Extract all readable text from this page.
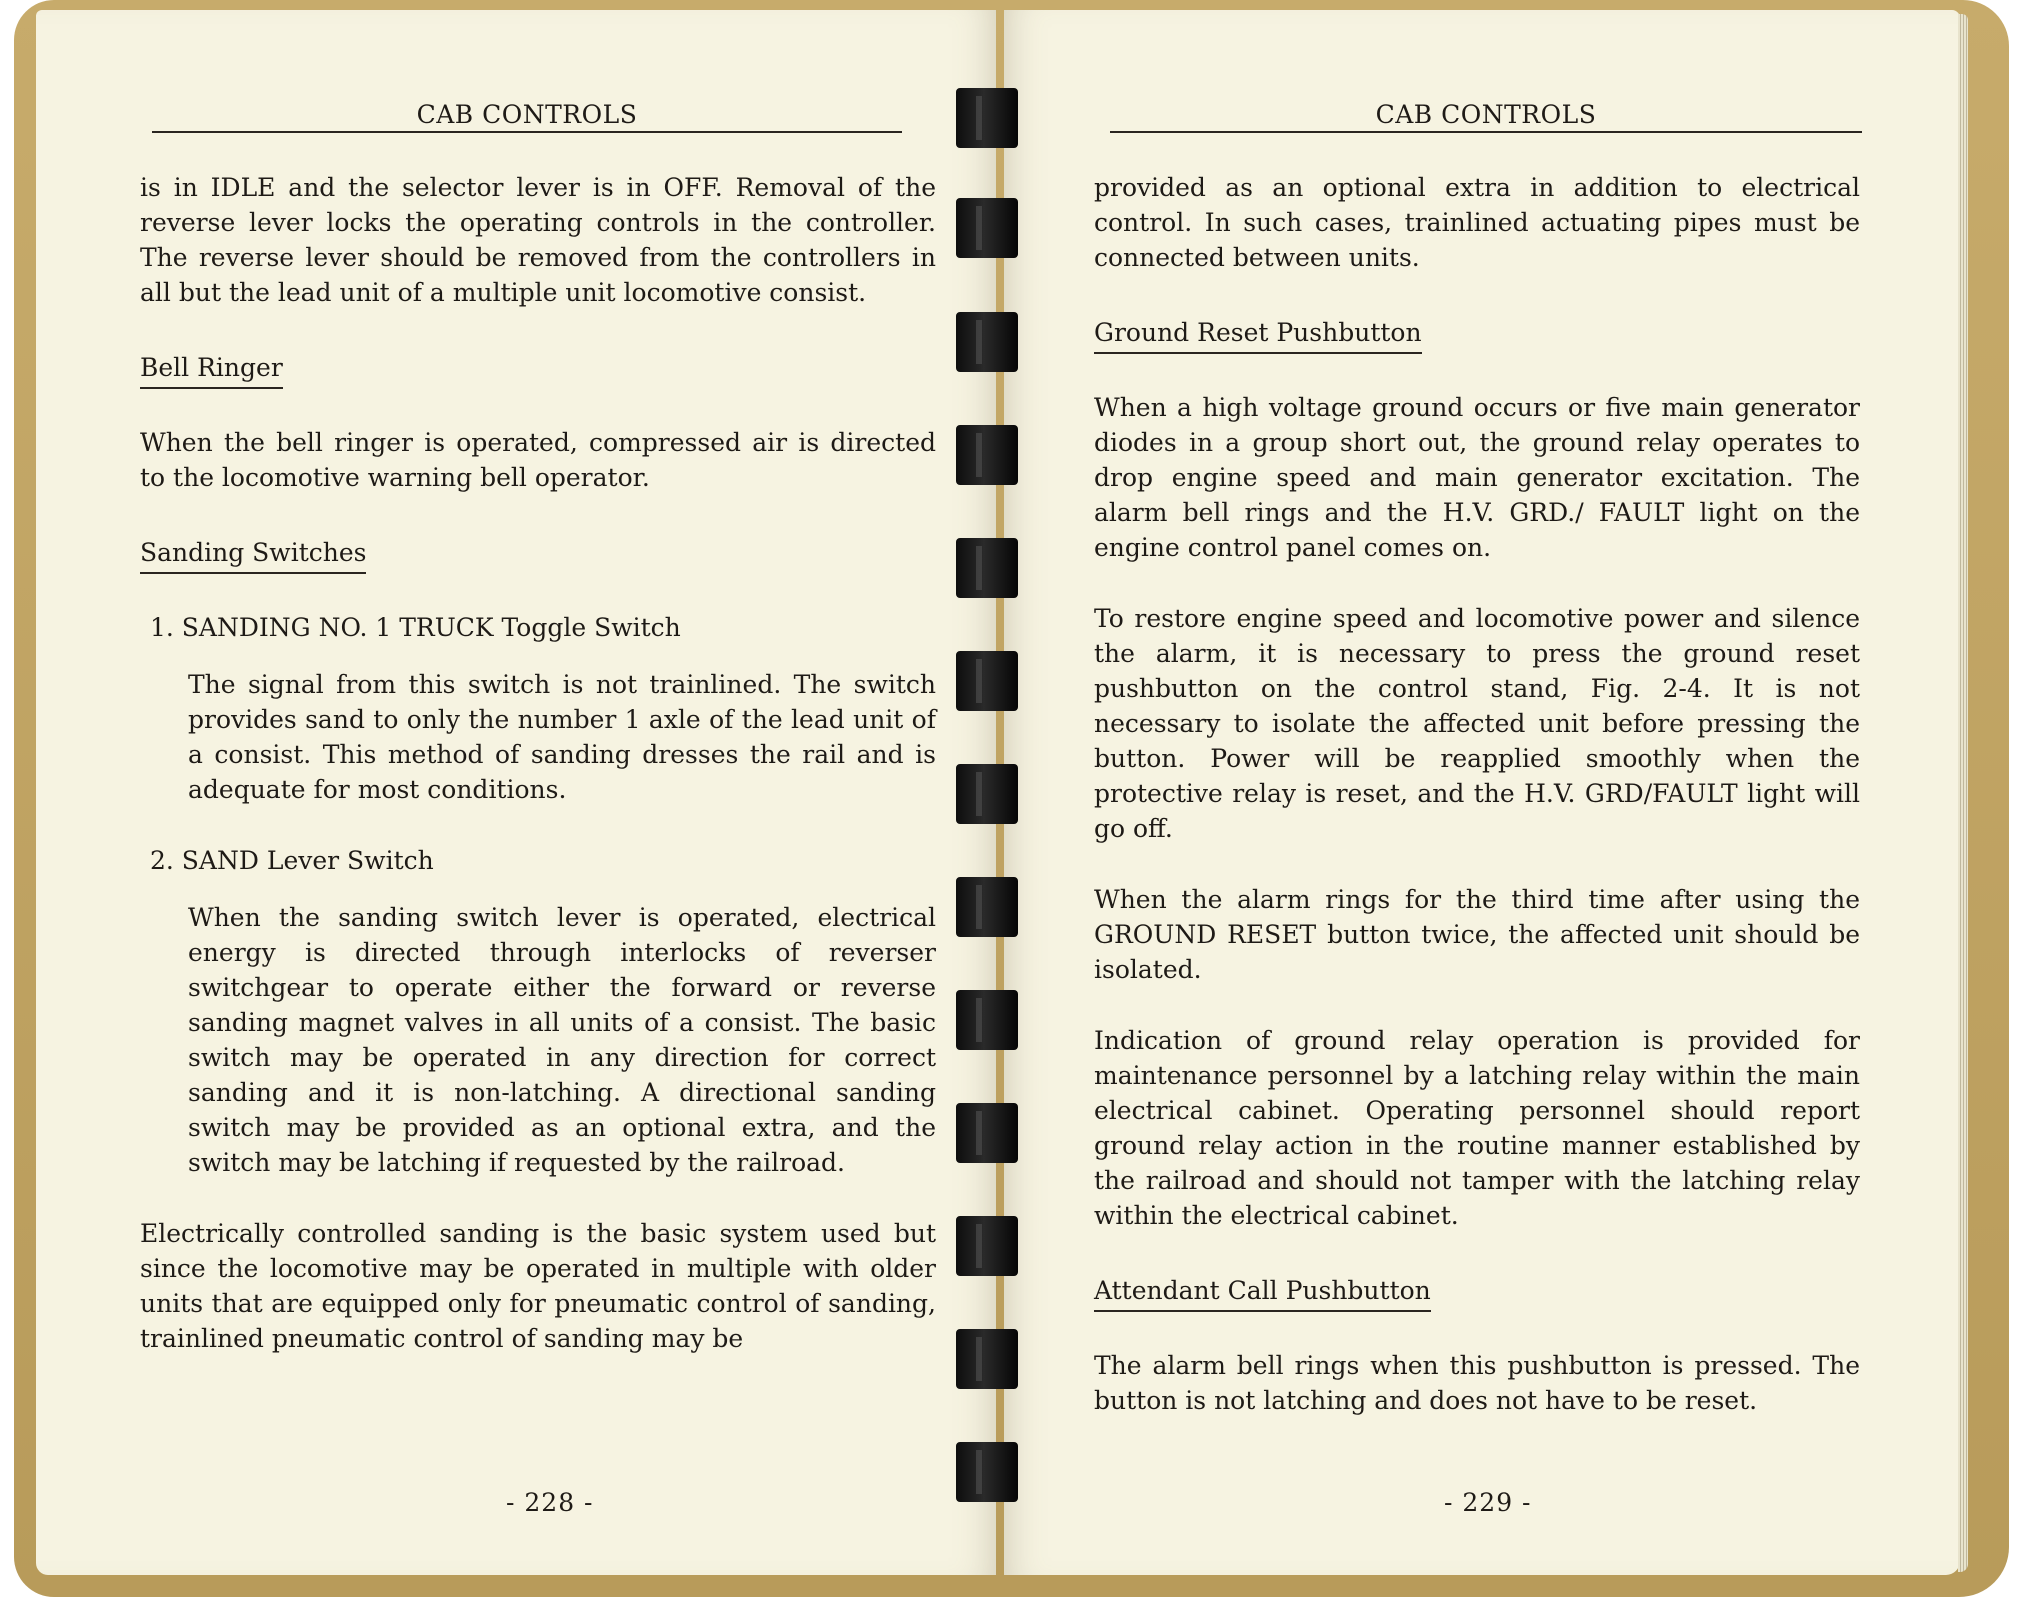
CAB CONTROLS

is in IDLE and the selector lever is in OFF. Removal of the reverse lever locks the operating controls in the controller. The reverse lever should be removed from the controllers in all but the lead unit of a multiple unit locomotive consist.

Bell Ringer

When the bell ringer is operated, compressed air is directed to the locomotive warning bell operator.

Sanding Switches
1. SANDING NO. 1 TRUCK Toggle Switch

The signal from this switch is not trainlined. The switch provides sand to only the number 1 axle of the lead unit of a consist. This method of sanding dresses the rail and is adequate for most conditions.

2. SAND Lever Switch

When the sanding switch lever is operated, electrical energy is directed through interlocks of reverser switchgear to operate either the forward or reverse sanding magnet valves in all units of a consist. The basic switch may be operated in any direction for correct sanding and it is non-latching. A directional sanding switch may be provided as an optional extra, and the switch may be latching if requested by the railroad.

Electrically controlled sanding is the basic system used but since the locomotive may be operated in multiple with older units that are equipped only for pneumatic control of sanding, trainlined pneumatic control of sanding may be

- 228 -
CAB CONTROLS

provided as an optional extra in addition to electrical control. In such cases, trainlined actuating pipes must be connected between units.

Ground Reset Pushbutton

When a high voltage ground occurs or five main generator diodes in a group short out, the ground relay operates to drop engine speed and main generator excitation. The alarm bell rings and the H.V. GRD./ FAULT light on the engine control panel comes on.

To restore engine speed and locomotive power and silence the alarm, it is necessary to press the ground reset pushbutton on the control stand, Fig. 2-4. It is not necessary to isolate the affected unit before pressing the button. Power will be reapplied smoothly when the protective relay is reset, and the H.V. GRD/FAULT light will go off.

When the alarm rings for the third time after using the GROUND RESET button twice, the affected unit should be isolated.

Indication of ground relay operation is provided for maintenance personnel by a latching relay within the main electrical cabinet. Operating personnel should report ground relay action in the routine manner established by the railroad and should not tamper with the latching relay within the electrical cabinet.

Attendant Call Pushbutton

The alarm bell rings when this pushbutton is pressed. The button is not latching and does not have to be reset.

- 229 -
